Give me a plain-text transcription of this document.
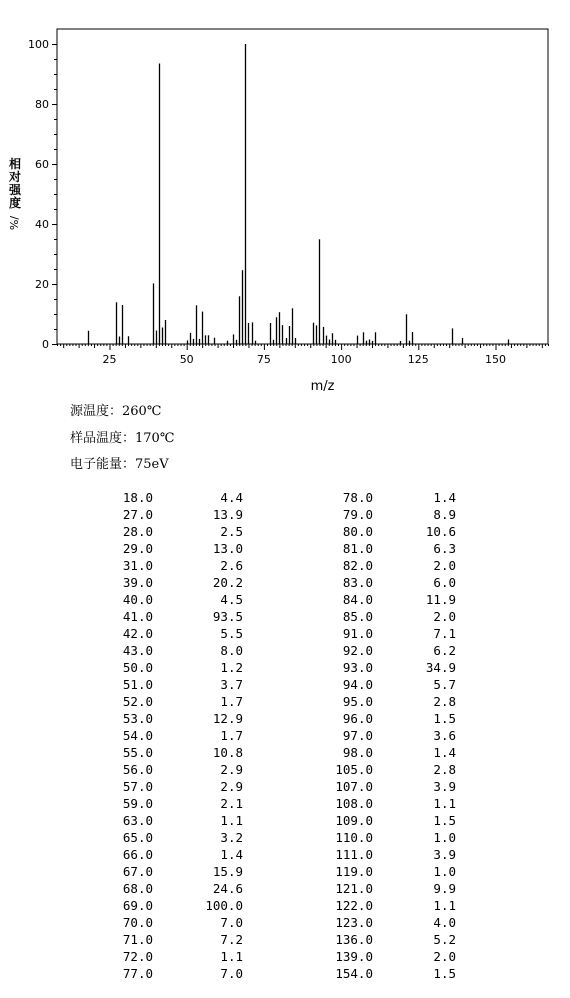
0
20
40
60
80
100
25	50	75	100	125	150
m/z
相对强度
%/
源温度：260℃
样品温度：170℃
电子能量：75eV
18.0	4.4	78.0	1.4
27.0	13.9	79.0	8.9
28.0	2.5	80.0	10.6
29.0	13.0	81.0	6.3
31.0	2.6	82.0	2.0
39.0	20.2	83.0	6.0
40.0	4.5	84.0	11.9
41.0	93.5	85.0	2.0
42.0	5.5	91.0	7.1
43.0	8.0	92.0	6.2
50.0	1.2	93.0	34.9
51.0	3.7	94.0	5.7
52.0	1.7	95.0	2.8
53.0	12.9	96.0	1.5
54.0	1.7	97.0	3.6
55.0	10.8	98.0	1.4
56.0	2.9	105.0	2.8
57.0	2.9	107.0	3.9
59.0	2.1	108.0	1.1
63.0	1.1	109.0	1.5
65.0	3.2	110.0	1.0
66.0	1.4	111.0	3.9
67.0	15.9	119.0	1.0
68.0	24.6	121.0	9.9
69.0	100.0	122.0	1.1
70.0	7.0	123.0	4.0
71.0	7.2	136.0	5.2
72.0	1.1	139.0	2.0
77.0	7.0	154.0	1.5
